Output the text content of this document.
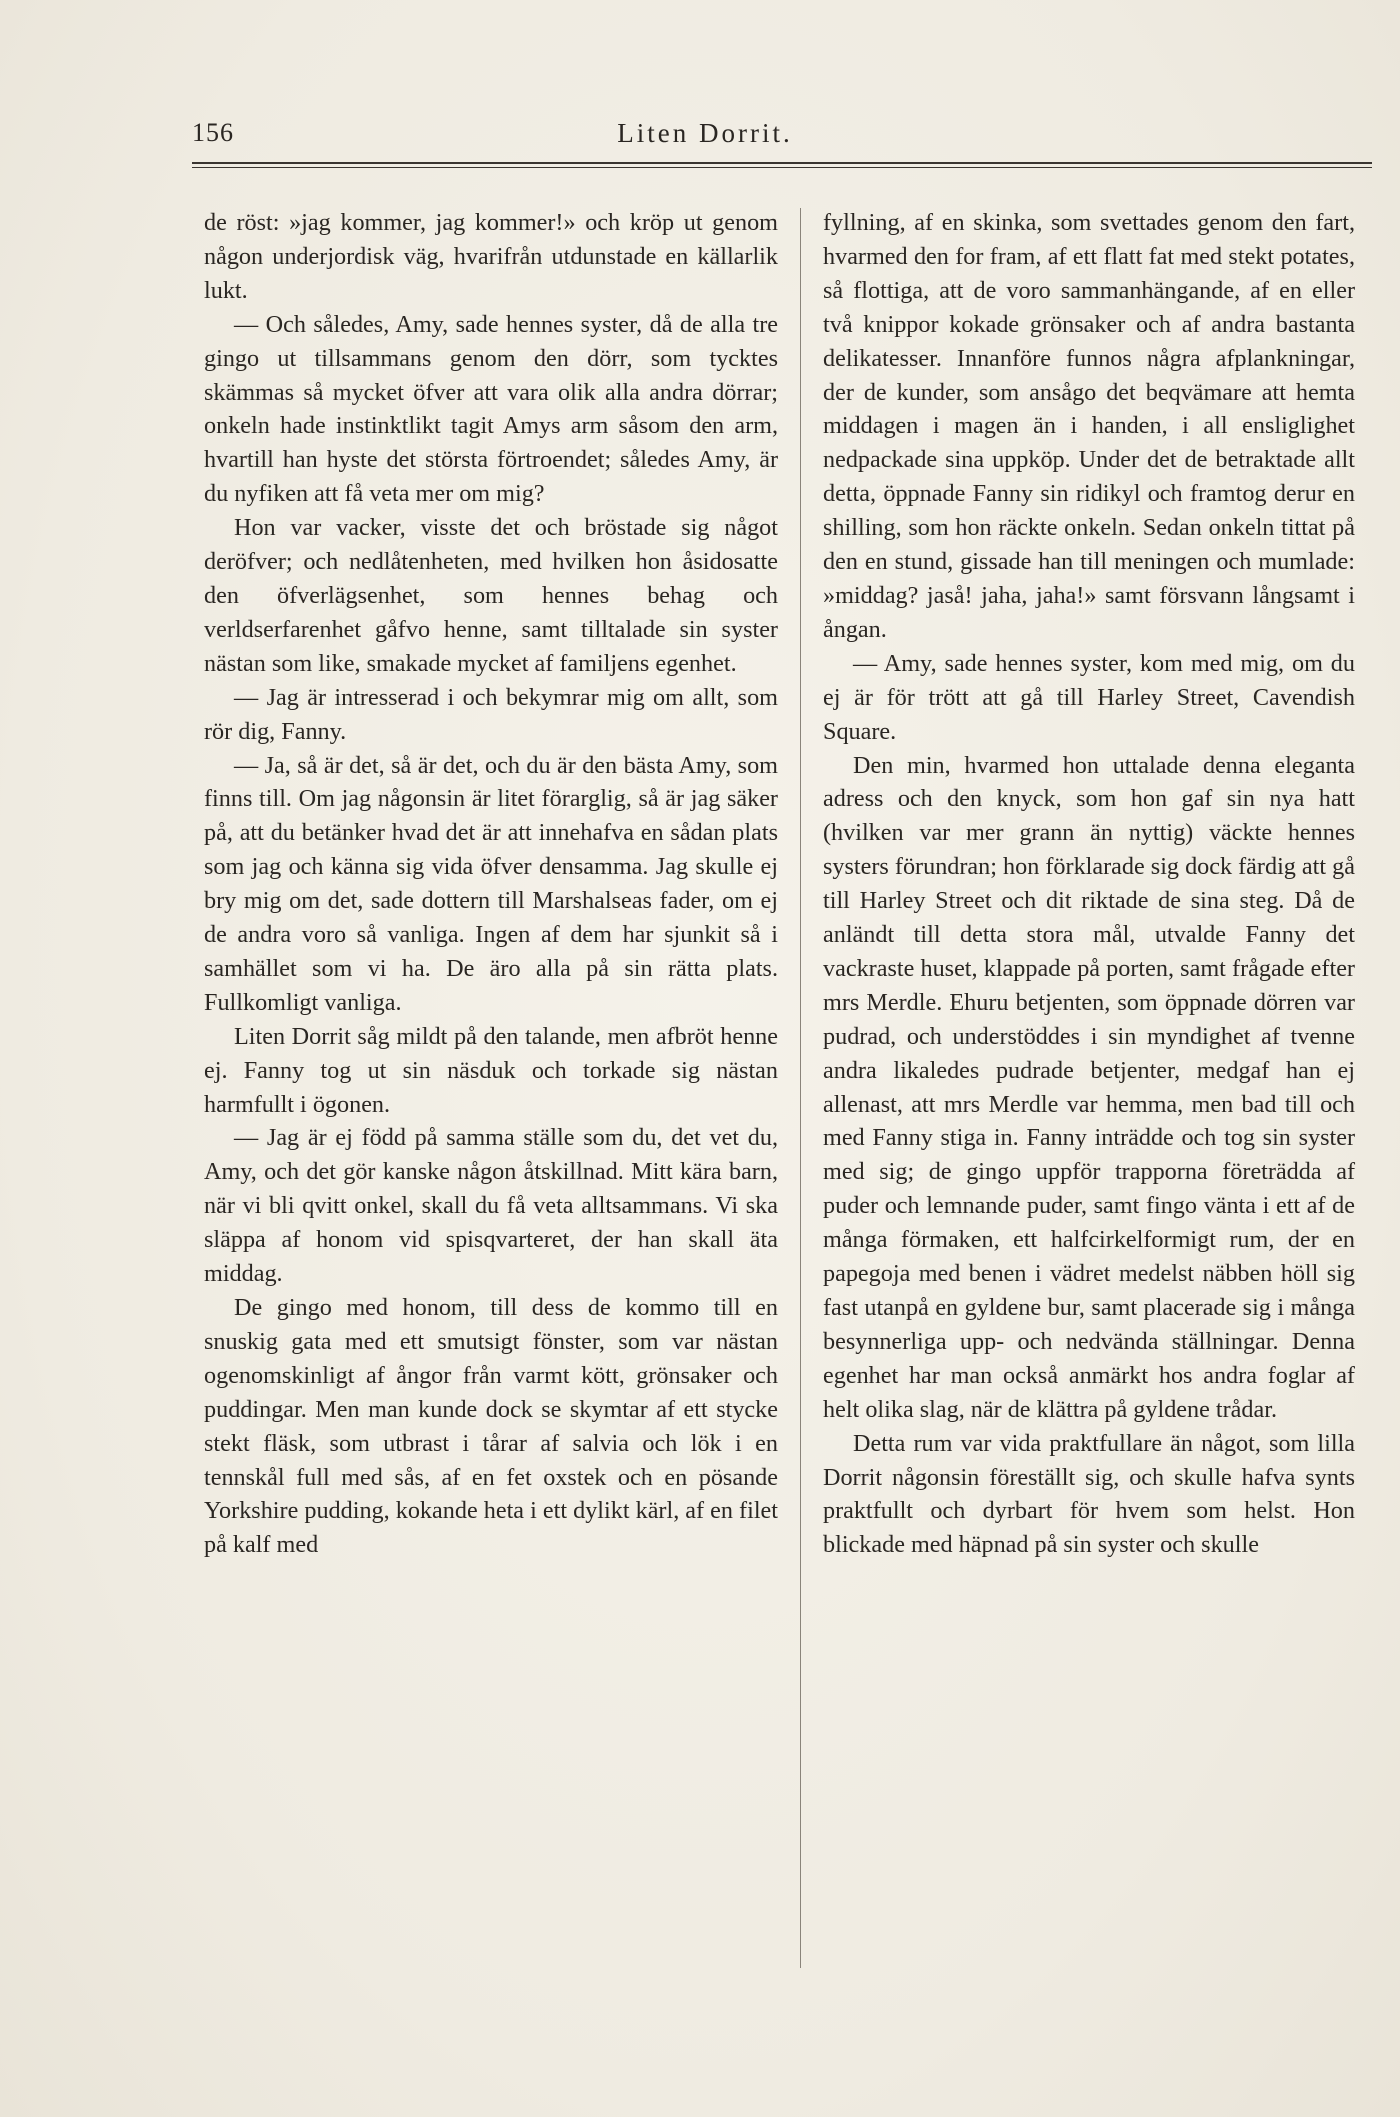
156	Liten Dorrit.

de röst: »jag kommer, jag kommer!» och kröp ut genom någon underjordisk väg, hvarifrån utdunstade en källarlik lukt.

— Och således, Amy, sade hennes syster, då de alla tre gingo ut tillsammans genom den dörr, som tycktes skämmas så mycket öfver att vara olik alla andra dörrar; onkeln hade instinktlikt tagit Amys arm såsom den arm, hvartill han hyste det största förtroendet; således Amy, är du nyfiken att få veta mer om mig?

Hon var vacker, visste det och bröstade sig något deröfver; och nedlåtenheten, med hvilken hon åsidosatte den öfverlägsenhet, som hennes behag och verldserfarenhet gåfvo henne, samt tilltalade sin syster nästan som like, smakade mycket af familjens egenhet.

— Jag är intresserad i och bekymrar mig om allt, som rör dig, Fanny.

— Ja, så är det, så är det, och du är den bästa Amy, som finns till. Om jag någonsin är litet förarglig, så är jag säker på, att du betänker hvad det är att innehafva en sådan plats som jag och känna sig vida öfver densamma. Jag skulle ej bry mig om det, sade dottern till Marshalseas fader, om ej de andra voro så vanliga. Ingen af dem har sjunkit så i samhället som vi ha. De äro alla på sin rätta plats. Fullkomligt vanliga.

Liten Dorrit såg mildt på den talande, men afbröt henne ej. Fanny tog ut sin näsduk och torkade sig nästan harmfullt i ögonen.

— Jag är ej född på samma ställe som du, det vet du, Amy, och det gör kanske någon åtskillnad. Mitt kära barn, när vi bli qvitt onkel, skall du få veta alltsammans. Vi ska släppa af honom vid spisqvarteret, der han skall äta middag.

De gingo med honom, till dess de kommo till en snuskig gata med ett smutsigt fönster, som var nästan ogenomskinligt af ångor från varmt kött, grönsaker och puddingar. Men man kunde dock se skymtar af ett stycke stekt fläsk, som utbrast i tårar af salvia och lök i en tennskål full med sås, af en fet oxstek och en pösande Yorkshire pudding, kokande heta i ett dylikt kärl, af en filet på kalf med

fyllning, af en skinka, som svettades genom den fart, hvarmed den for fram, af ett flatt fat med stekt potates, så flottiga, att de voro sammanhängande, af en eller två knippor kokade grönsaker och af andra bastanta delikatesser. Innanföre funnos några afplankningar, der de kunder, som ansågo det beqvämare att hemta middagen i magen än i handen, i all ensliglighet nedpackade sina uppköp. Under det de betraktade allt detta, öppnade Fanny sin ridikyl och framtog derur en shilling, som hon räckte onkeln. Sedan onkeln tittat på den en stund, gissade han till meningen och mumlade: »middag? jaså! jaha, jaha!» samt försvann långsamt i ångan.

— Amy, sade hennes syster, kom med mig, om du ej är för trött att gå till Harley Street, Cavendish Square.

Den min, hvarmed hon uttalade denna eleganta adress och den knyck, som hon gaf sin nya hatt (hvilken var mer grann än nyttig) väckte hennes systers förundran; hon förklarade sig dock färdig att gå till Harley Street och dit riktade de sina steg. Då de anländt till detta stora mål, utvalde Fanny det vackraste huset, klappade på porten, samt frågade efter mrs Merdle. Ehuru betjenten, som öppnade dörren var pudrad, och understöddes i sin myndighet af tvenne andra likaledes pudrade betjenter, medgaf han ej allenast, att mrs Merdle var hemma, men bad till och med Fanny stiga in. Fanny inträdde och tog sin syster med sig; de gingo uppför trapporna företrädda af puder och lemnande puder, samt fingo vänta i ett af de många förmaken, ett halfcirkelformigt rum, der en papegoja med benen i vädret medelst näbben höll sig fast utanpå en gyldene bur, samt placerade sig i många besynnerliga upp- och nedvända ställningar. Denna egenhet har man också anmärkt hos andra foglar af helt olika slag, när de klättra på gyldene trådar.

Detta rum var vida praktfullare än något, som lilla Dorrit någonsin föreställt sig, och skulle hafva synts praktfullt och dyrbart för hvem som helst. Hon blickade med häpnad på sin syster och skulle
